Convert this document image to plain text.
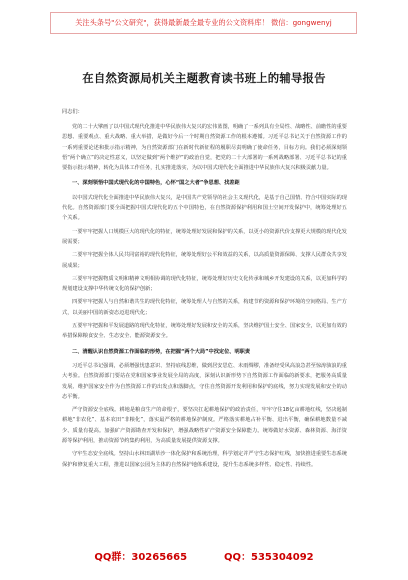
关注头条号"公文研究"，获得最新最全最专业的公文资料库！ 微信：gongwenyj
在自然资源局机关主题教育读书班上的辅导报告
同志们：

党的二十大擘画了以中国式现代化推进中华民族伟大复兴的宏伟蓝图，明确了一系列具有全局性、战略性、前瞻性的重要思想、重要观点、重大战略、重大举措，是做好今后一个时期自然资源工作的根本遵循。习近平总书记关于自然资源工作的一系列重要论述和批示指示精神，为自然资源部门在新时代新征程的履职尽责明确了使命任务，目标方向。我们必须深刻领悟“两个确立”的决定性意义，以坚定做到“两个维护”的政治自觉，把党的二十大部署的一系列战略部署、习近平总书记的重要指示批示精神，转化为具体工作任务，扎实推进落实，为以中国式现代化全面推进中华民族伟大复兴积极贡献力量。

一、深刻领悟中国式现代化的中国特色，心怀“国之大者”争思想、找差距

以中国式现代化全面推进中华民族伟大复兴，是中国共产党领导的社会主义现代化，是基于自己国情、符合中国实际的现代化。自然资源部门要全面把握中国式现代化的五个中国特色，在自然资源保护利用和国土空间开发保护中，统筹处理好五个关系。

一要牢牢把握人口规模巨大的现代化的特征，统筹处理好发展和保护的关系，以更小的资源代价支撑更大规模的现代化发展需要；

二要牢牢把握全体人民共同富裕的现代化特征，统筹处理好公平和效益的关系，以高质量资源保障、支撑人民群众共享发展成果；

三要牢牢把握物质文明和精神文明相协调的现代化特征，统筹处理好历史文化传承和城乡开发建设的关系，以更加科学的规划建设支撑中华传统文化的保护创新；

四要牢牢把握人与自然和谐共生的现代化特征，统筹处理人与自然的关系，构建节约资源和保护环境的空间格局、生产方式，以美丽中国的新姿态迈进现代化；

五要牢牢把握和平发展道路的现代化特征，统筹处理好发展和安全的关系，坚决维护国土安全、国家安全，以更加有效的举措保障粮食安全、生态安全、能源资源安全。

二、清醒认识自然资源工作面临的形势，在把握“两个大局”中找定位、明职责

习近平总书记强调，必须增强忧患意识、坚持底线思维，做到居安思危、未雨绸缪，准备经受风高浪急甚至惊涛骇浪的重大考验。自然资源部门要站在党和国家事业发展全局的高度，深刻认识新形势下自然资源工作面临的新要求，把服务高质量发展、维护国家安全作为自然资源工作的出发点和落脚点，守住自然资源开发利用和保护的底线，努力实现发展和安全的动态平衡。

严守资源安全底线。耕地是粮食生产的命根子，要坚决扛起耕地保护的政治责任，牢牢守住18亿亩耕地红线，坚决遏制耕地“非农化”、基本农田“非粮化”，落实最严格的耕地保护制度。严格落实耕地占补平衡、进出平衡，确保耕地数量不减少、质量有提高。加强矿产资源勘查开发和保护，增强战略性矿产资源安全保障能力。统筹做好水资源、森林资源、海洋资源等保护利用，推动资源节约集约利用，为高质量发展提供资源支撑。

守牢生态安全底线。坚持山水林田湖草沙一体化保护和系统治理，科学划定并严守生态保护红线，加快推进重要生态系统保护和修复重大工程，推进以国家公园为主体的自然保护地体系建设，提升生态系统多样性、稳定性、持续性。

QQ群：30265665	QQ：535304092
